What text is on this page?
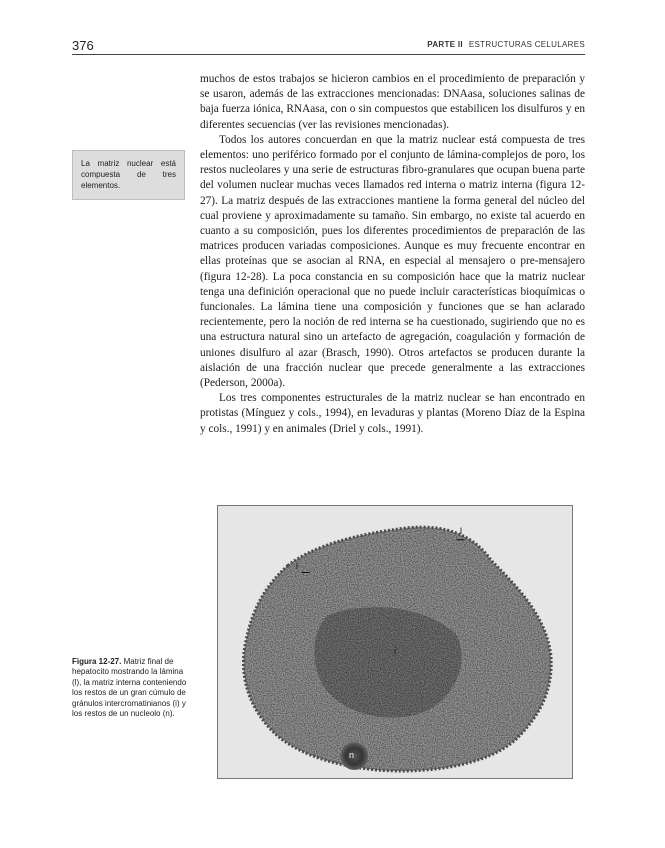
376	PARTE II ESTRUCTURAS CELULARES
La matriz nuclear está compuesta de tres elementos.

muchos de estos trabajos se hicieron cambios en el procedimiento de preparación y se usaron, además de las extracciones mencionadas: DNAasa, soluciones salinas de baja fuerza iónica, RNAasa, con o sin compuestos que estabilicen los disulfuros y en diferentes secuencias (ver las revisiones mencionadas).

Todos los autores concuerdan en que la matriz nuclear está compuesta de tres elementos: uno periférico formado por el conjunto de lámina-complejos de poro, los restos nucleolares y una serie de estructuras fibro-granulares que ocupan buena parte del volumen nuclear muchas veces llamados red interna o matriz interna (figura 12-27). La matriz después de las extracciones mantiene la forma general del núcleo del cual proviene y aproximadamente su tamaño. Sin embargo, no existe tal acuerdo en cuanto a su composición, pues los diferentes procedimientos de preparación de las matrices producen variadas composiciones. Aunque es muy frecuente encontrar en ellas proteínas que se asocian al RNA, en especial al mensajero o pre-mensajero (figura 12-28). La poca constancia en su composición hace que la matriz nuclear tenga una definición operacional que no puede incluir características bioquímicas o funcionales. La lámina tiene una composición y funciones que se han aclarado recientemente, pero la noción de red interna se ha cuestionado, sugiriendo que no es una estructura natural sino un artefacto de agregación, coagulación y formación de uniones disulfuro al azar (Brasch, 1990). Otros artefactos se producen durante la aislación de una fracción nuclear que precede generalmente a las extracciones (Pederson, 2000a).

Los tres componentes estructurales de la matriz nuclear se han encontrado en protistas (Mínguez y cols., 1994), en levaduras y plantas (Moreno Díaz de la Espina y cols., 1991) y en animales (Driel y cols., 1991).

l
l
i
n
Figura 12-27. Matriz final de hepatocito mostrando la lámina (l), la matriz interna conteniendo los restos de un gran cúmulo de gránulos intercromatinianos (i) y los restos de un nucleolo (n).
